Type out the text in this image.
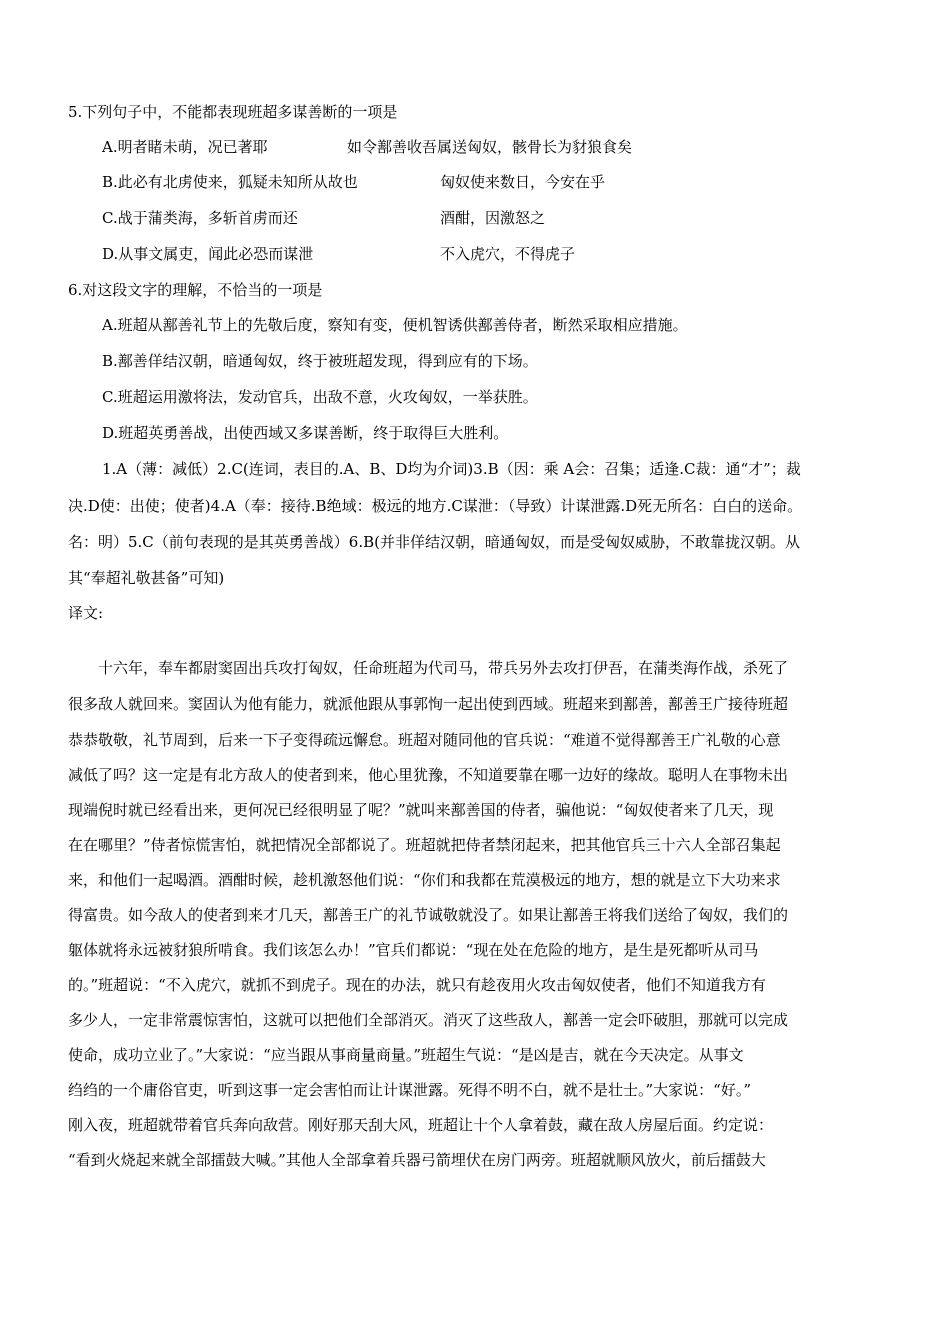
5.下列句子中，不能都表现班超多谋善断的一项是
A.明者睹未萌，况已著耶	如令鄯善收吾属送匈奴，骸骨长为豺狼食矣
B.此必有北虏使来，狐疑未知所从故也	匈奴使来数日，今安在乎
C.战于蒲类海，多斩首虏而还	酒酣，因激怒之
D.从事文属吏，闻此必恐而谋泄	不入虎穴，不得虎子
6.对这段文字的理解，不恰当的一项是
A.班超从鄯善礼节上的先敬后度，察知有变，便机智诱供鄯善侍者，断然采取相应措施。
B.鄯善佯结汉朝，暗通匈奴，终于被班超发现，得到应有的下场。
C.班超运用激将法，发动官兵，出敌不意，火攻匈奴，一举获胜。
D.班超英勇善战，出使西域又多谋善断，终于取得巨大胜利。
1.A（薄：减低）2.C(连词，表目的.A、B、D均为介词)3.B（因：乘 A会：召集；适逢.C裁：通“才”；裁
决.D使：出使；使者)4.A（奉：接待.B绝域：极远的地方.C谋泄：（导致）计谋泄露.D死无所名：白白的送命。
名：明）5.C（前句表现的是其英勇善战）6.B(并非佯结汉朝，暗通匈奴，而是受匈奴威胁，不敢靠拢汉朝。从
其“奉超礼敬甚备”可知)
译文:
　　十六年，奉车都尉窦固出兵攻打匈奴，任命班超为代司马，带兵另外去攻打伊吾，在蒲类海作战，杀死了
很多敌人就回来。窦固认为他有能力，就派他跟从事郭恂一起出使到西域。班超来到鄯善，鄯善王广接待班超
恭恭敬敬，礼节周到，后来一下子变得疏远懈怠。班超对随同他的官兵说：“难道不觉得鄯善王广礼敬的心意
减低了吗？这一定是有北方敌人的使者到来，他心里犹豫，不知道要靠在哪一边好的缘故。聪明人在事物未出
现端倪时就已经看出来，更何况已经很明显了呢？”就叫来鄯善国的侍者，骗他说：“匈奴使者来了几天，现
在在哪里？”侍者惊慌害怕，就把情况全部都说了。班超就把侍者禁闭起来，把其他官兵三十六人全部召集起
来，和他们一起喝酒。酒酣时候，趁机激怒他们说：“你们和我都在荒漠极远的地方，想的就是立下大功来求
得富贵。如今敌人的使者到来才几天，鄯善王广的礼节诚敬就没了。如果让鄯善王将我们送给了匈奴，我们的
躯体就将永远被豺狼所啃食。我们该怎么办！”官兵们都说：“现在处在危险的地方，是生是死都听从司马
的。”班超说：“不入虎穴，就抓不到虎子。现在的办法，就只有趁夜用火攻击匈奴使者，他们不知道我方有
多少人，一定非常震惊害怕，这就可以把他们全部消灭。消灭了这些敌人，鄯善一定会吓破胆，那就可以完成
使命，成功立业了。”大家说：“应当跟从事商量商量。”班超生气说：“是凶是吉，就在今天决定。从事文
绉绉的一个庸俗官吏，听到这事一定会害怕而让计谋泄露。死得不明不白，就不是壮士。”大家说：“好。”
刚入夜，班超就带着官兵奔向敌营。刚好那天刮大风，班超让十个人拿着鼓，藏在敌人房屋后面。约定说：
“看到火烧起来就全部擂鼓大喊。”其他人全部拿着兵器弓箭埋伏在房门两旁。班超就顺风放火，前后擂鼓大
